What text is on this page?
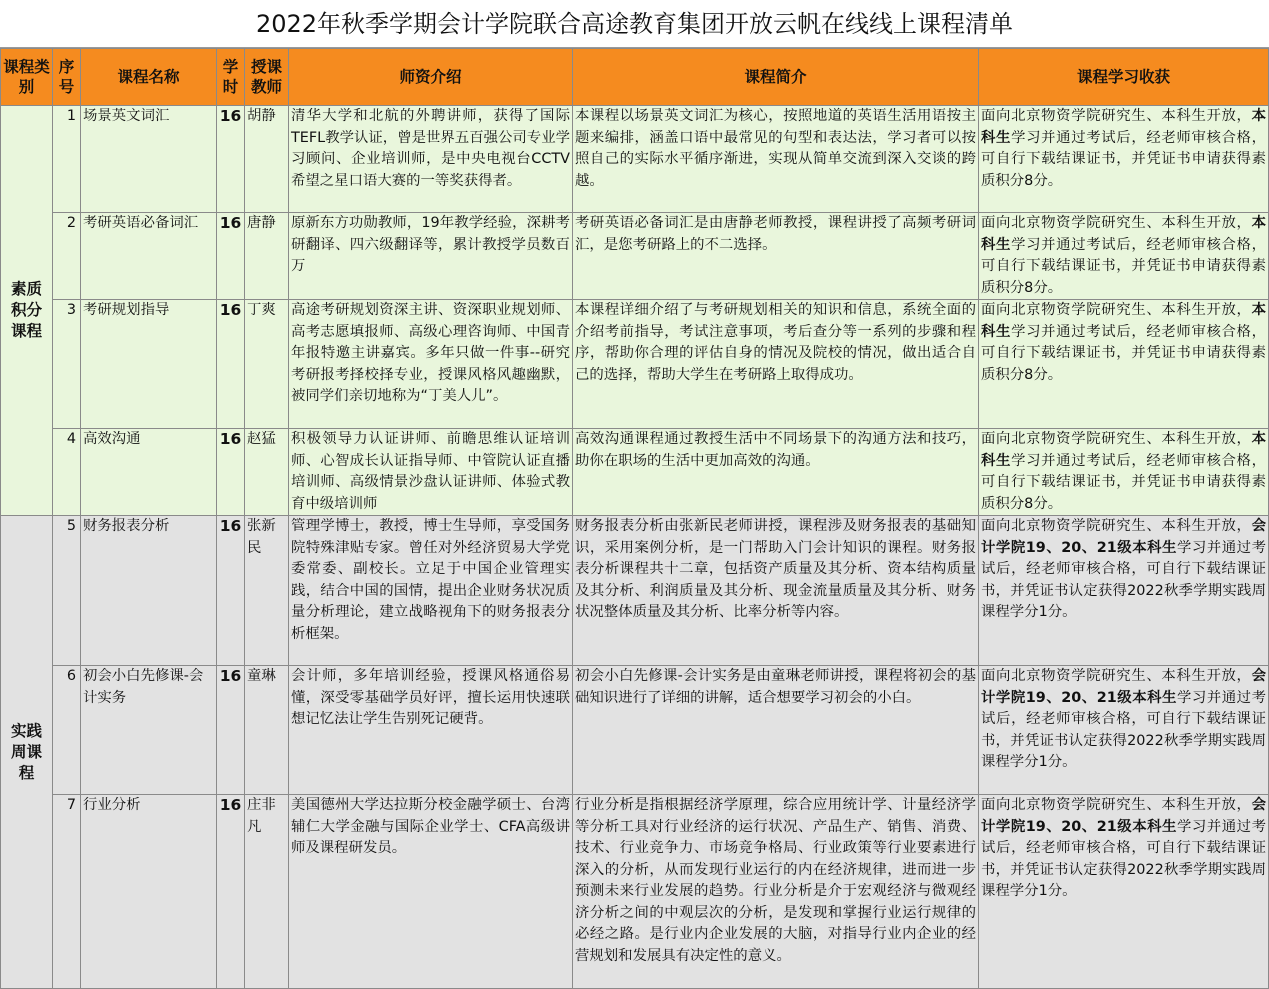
2022年秋季学期会计学院联合高途教育集团开放云帆在线线上课程清单
课程类别	序号	课程名称	学时	授课教师	师资介绍	课程简介	课程学习收获
素质积分课程	1	场景英文词汇	16	胡静	清华大学和北航的外聘讲师，获得了国际TEFL教学认证，曾是世界五百强公司专业学习顾问、企业培训师，是中央电视台CCTV希望之星口语大赛的一等奖获得者。	本课程以场景英文词汇为核心，按照地道的英语生活用语按主题来编排，涵盖口语中最常见的句型和表达法，学习者可以按照自己的实际水平循序渐进，实现从简单交流到深入交谈的跨越。	面向北京物资学院研究生、本科生开放，本科生学习并通过考试后，经老师审核合格，可自行下载结课证书，并凭证书申请获得素质积分8分。
	2	考研英语必备词汇	16	唐静	原新东方功勋教师，19年教学经验，深耕考研翻译、四六级翻译等，累计教授学员数百万	考研英语必备词汇是由唐静老师教授，课程讲授了高频考研词汇，是您考研路上的不二选择。	面向北京物资学院研究生、本科生开放，本科生学习并通过考试后，经老师审核合格，可自行下载结课证书，并凭证书申请获得素质积分8分。
	3	考研规划指导	16	丁爽	高途考研规划资深主讲、资深职业规划师、高考志愿填报师、高级心理咨询师、中国青年报特邀主讲嘉宾。多年只做一件事--研究考研报考择校择专业，授课风格风趣幽默，被同学们亲切地称为“丁美人儿”。	本课程详细介绍了与考研规划相关的知识和信息，系统全面的介绍考前指导，考试注意事项，考后查分等一系列的步骤和程序，帮助你合理的评估自身的情况及院校的情况，做出适合自己的选择，帮助大学生在考研路上取得成功。	面向北京物资学院研究生、本科生开放，本科生学习并通过考试后，经老师审核合格，可自行下载结课证书，并凭证书申请获得素质积分8分。
	4	高效沟通	16	赵猛	积极领导力认证讲师、前瞻思维认证培训师、心智成长认证指导师、中管院认证直播培训师、高级情景沙盘认证讲师、体验式教育中级培训师	高效沟通课程通过教授生活中不同场景下的沟通方法和技巧，助你在职场的生活中更加高效的沟通。	面向北京物资学院研究生、本科生开放，本科生学习并通过考试后，经老师审核合格，可自行下载结课证书，并凭证书申请获得素质积分8分。
实践周课程	5	财务报表分析	16	张新民	管理学博士，教授，博士生导师，享受国务院特殊津贴专家。曾任对外经济贸易大学党委常委、副校长。立足于中国企业管理实践，结合中国的国情，提出企业财务状况质量分析理论，建立战略视角下的财务报表分析框架。	财务报表分析由张新民老师讲授，课程涉及财务报表的基础知识，采用案例分析，是一门帮助入门会计知识的课程。财务报表分析课程共十二章，包括资产质量及其分析、资本结构质量及其分析、利润质量及其分析、现金流量质量及其分析、财务状况整体质量及其分析、比率分析等内容。	面向北京物资学院研究生、本科生开放，会计学院19、20、21级本科生学习并通过考试后，经老师审核合格，可自行下载结课证书，并凭证书认定获得2022秋季学期实践周课程学分1分。
	6	初会小白先修课-会计实务	16	童琳	会计师，多年培训经验，授课风格通俗易懂，深受零基础学员好评，擅长运用快速联想记忆法让学生告别死记硬背。	初会小白先修课-会计实务是由童琳老师讲授，课程将初会的基础知识进行了详细的讲解，适合想要学习初会的小白。	面向北京物资学院研究生、本科生开放，会计学院19、20、21级本科生学习并通过考试后，经老师审核合格，可自行下载结课证书，并凭证书认定获得2022秋季学期实践周课程学分1分。
	7	行业分析	16	庄非凡	美国德州大学达拉斯分校金融学硕士、台湾辅仁大学金融与国际企业学士、CFA高级讲师及课程研发员。	行业分析是指根据经济学原理，综合应用统计学、计量经济学等分析工具对行业经济的运行状况、产品生产、销售、消费、技术、行业竞争力、市场竞争格局、行业政策等行业要素进行深入的分析，从而发现行业运行的内在经济规律，进而进一步预测未来行业发展的趋势。行业分析是介于宏观经济与微观经济分析之间的中观层次的分析，是发现和掌握行业运行规律的必经之路。是行业内企业发展的大脑，对指导行业内企业的经营规划和发展具有决定性的意义。	面向北京物资学院研究生、本科生开放，会计学院19、20、21级本科生学习并通过考试后，经老师审核合格，可自行下载结课证书，并凭证书认定获得2022秋季学期实践周课程学分1分。
